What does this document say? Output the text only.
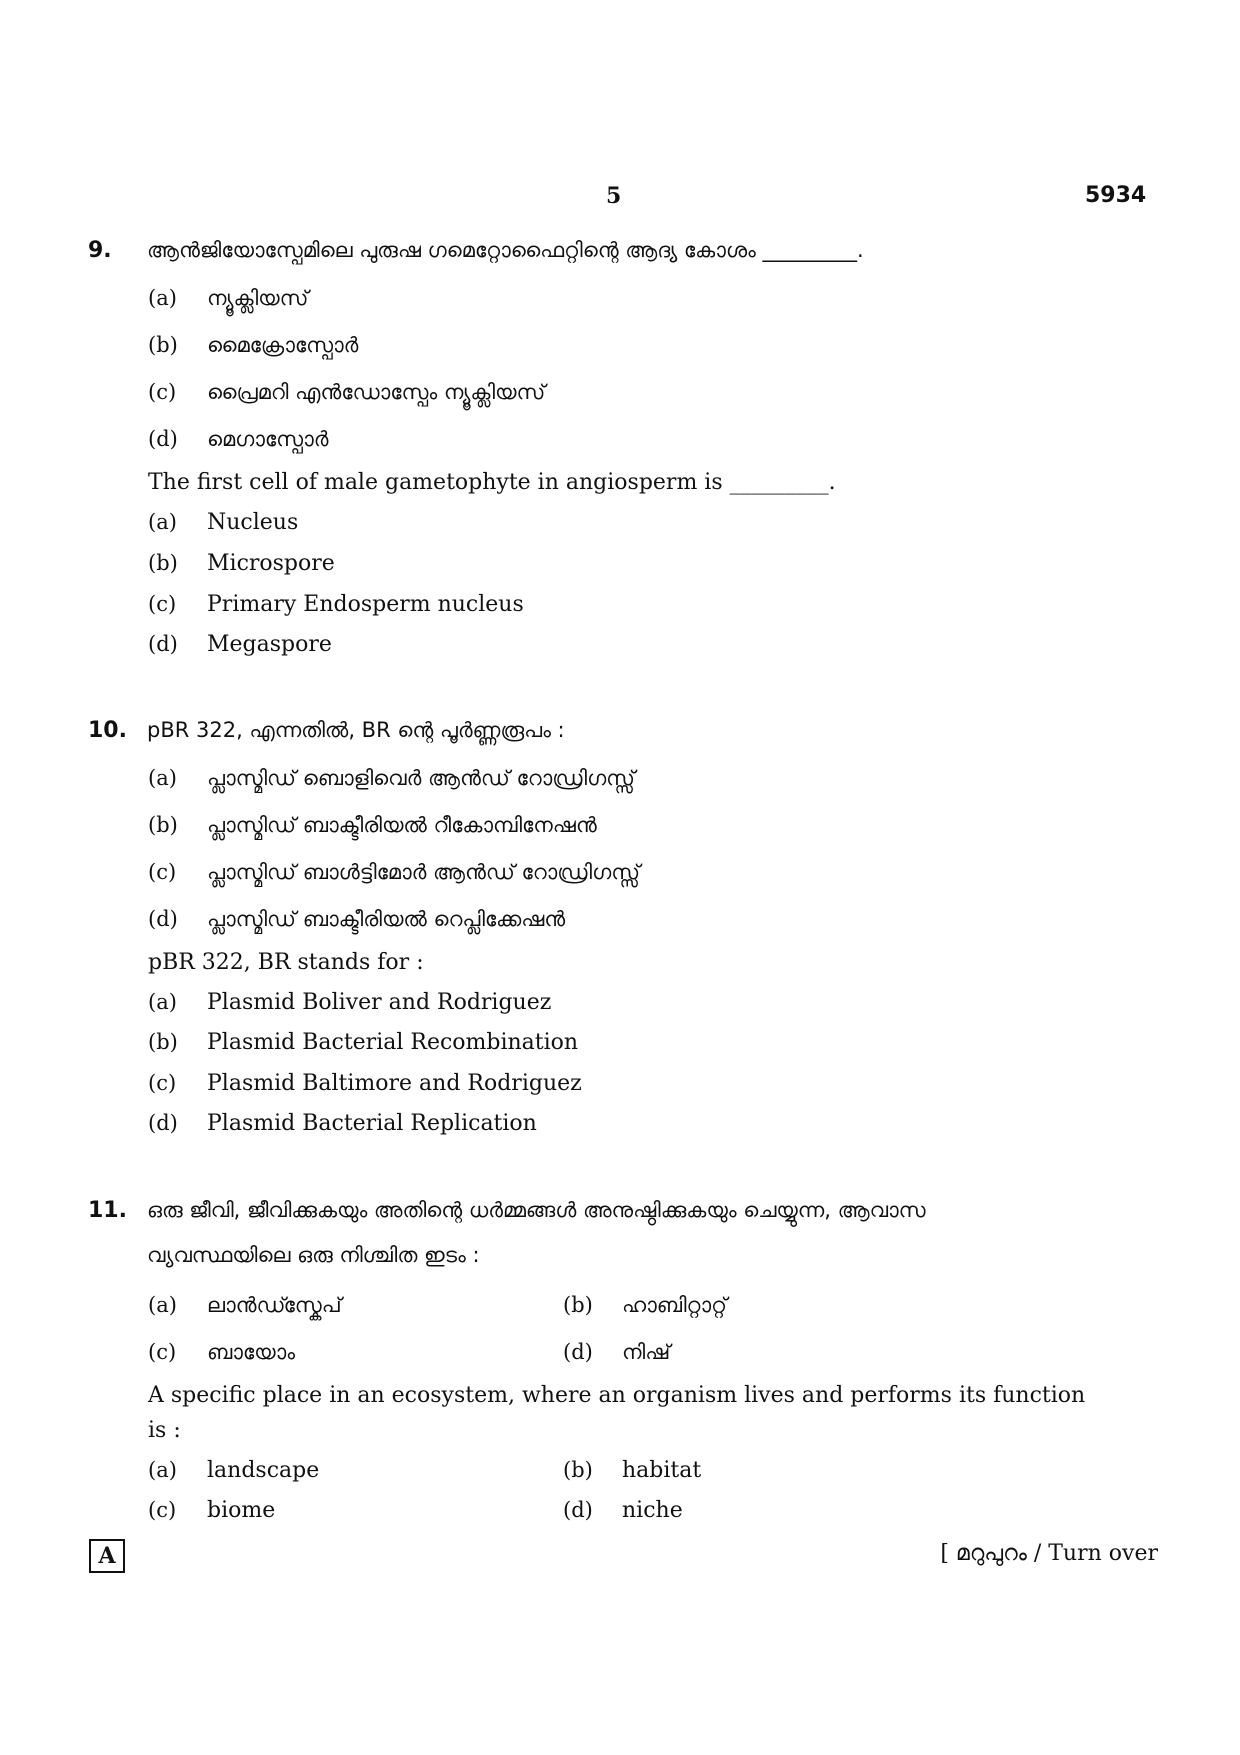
5	5934
9. ആൻജിയോസ്പേമിലെ പുരുഷ ഗമെറ്റോഫൈറ്റിന്റെ ആദ്യ കോശം _________.
(a) ന്യൂക്ലിയസ്
(b) മൈക്രോസ്പോർ
(c) പ്രൈമറി എൻഡോസ്പേം ന്യൂക്ലിയസ്
(d) മെഗാസ്പോർ
The first cell of male gametophyte in angiosperm is _________.
(a) Nucleus
(b) Microspore
(c) Primary Endosperm nucleus
(d) Megaspore
10. pBR 322, എന്നതിൽ, BR ന്റെ പൂർണ്ണരൂപം :
(a) പ്ലാസ്മിഡ് ബൊളിവെർ ആൻഡ് റോഡ്രിഗസ്സ്
(b) പ്ലാസ്മിഡ് ബാക്ടീരിയൽ റീകോമ്പിനേഷൻ
(c) പ്ലാസ്മിഡ് ബാൾട്ടിമോർ ആൻഡ് റോഡ്രിഗസ്സ്
(d) പ്ലാസ്മിഡ് ബാക്ടീരിയൽ റെപ്ലിക്കേഷൻ
pBR 322, BR stands for :
(a) Plasmid Boliver and Rodriguez
(b) Plasmid Bacterial Recombination
(c) Plasmid Baltimore and Rodriguez
(d) Plasmid Bacterial Replication
11. ഒരു ജീവി, ജീവിക്കുകയും അതിന്റെ ധർമ്മങ്ങൾ അനുഷ്ഠിക്കുകയും ചെയ്യുന്ന, ആവാസ
വ്യവസ്ഥയിലെ ഒരു നിശ്ചിത ഇടം :
(a) ലാൻഡ്സ്കേപ്	(b) ഹാബിറ്റാറ്റ്
(c) ബായോം	(d) നിഷ്
A specific place in an ecosystem, where an organism lives and performs its function
is :
(a) landscape	(b) habitat
(c) biome	(d) niche
A	[ മറുപുറം / Turn over
